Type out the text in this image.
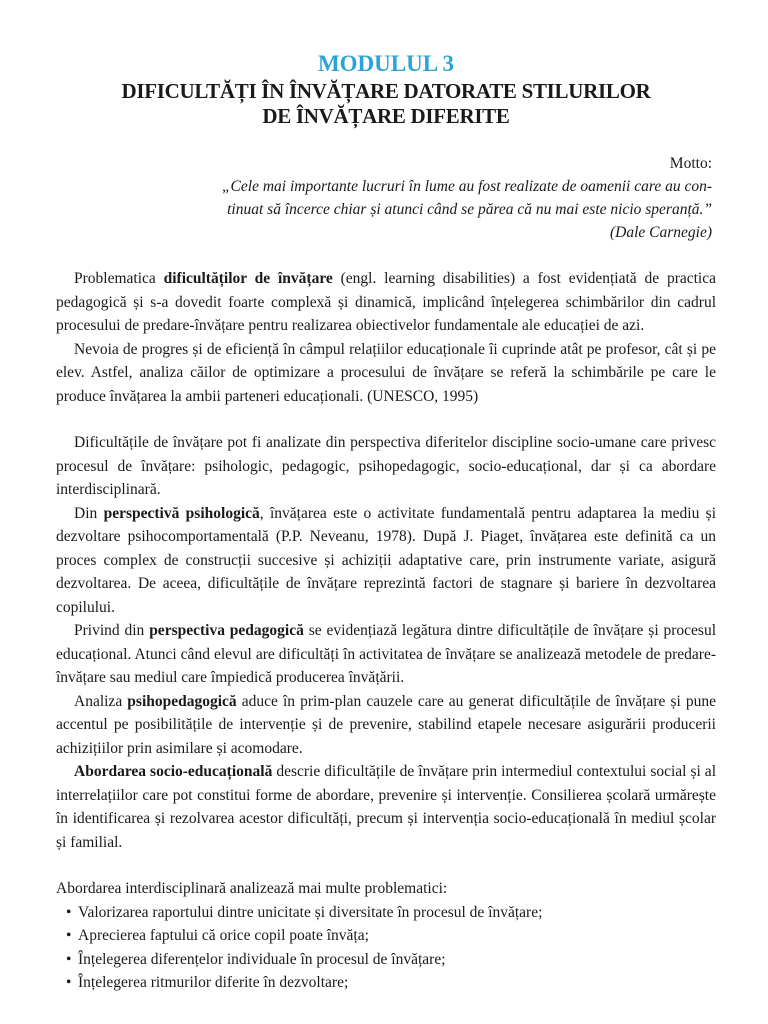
MODULUL 3
DIFICULTĂȚI ÎN ÎNVĂȚARE DATORATE STILURILOR
DE ÎNVĂȚARE DIFERITE
Motto:
„Cele mai importante lucruri în lume au fost realizate de oamenii care au con-
tinuat să încerce chiar și atunci când se părea că nu mai este nicio speranță.”
(Dale Carnegie)

Problematica dificultăților de învățare (engl. learning disabilities) a fost evidențiată de practica pedagogică și s-a dovedit foarte complexă și dinamică, implicând înțelegerea schimbărilor din cadrul procesului de predare-învățare pentru realizarea obiectivelor fundamentale ale educației de azi.

Nevoia de progres și de eficiență în câmpul relațiilor educaționale îi cuprinde atât pe profesor, cât și pe elev. Astfel, analiza căilor de optimizare a procesului de învățare se referă la schimbările pe care le produce învățarea la ambii parteneri educaționali. (UNESCO, 1995)

Dificultățile de învățare pot fi analizate din perspectiva diferitelor discipline socio-umane care privesc procesul de învățare: psihologic, pedagogic, psihopedagogic, socio-educațional, dar și ca abordare interdisciplinară.

Din perspectivă psihologică, învățarea este o activitate fundamentală pentru adaptarea la mediu și dezvoltare psihocomportamentală (P.P. Neveanu, 1978). După J. Piaget, învățarea este definită ca un proces complex de construcții succesive și achiziții adaptative care, prin instrumente variate, asigură dezvoltarea. De aceea, dificultățile de învățare reprezintă factori de stagnare și bariere în dezvoltarea copilului.

Privind din perspectiva pedagogică se evidențiază legătura dintre dificultățile de învățare și procesul educațional. Atunci când elevul are dificultăți în activitatea de învățare se analizează metodele de predare-învățare sau mediul care împiedică producerea învățării.

Analiza psihopedagogică aduce în prim-plan cauzele care au generat dificultățile de învățare și pune accentul pe posibilitățile de intervenție și de prevenire, stabilind etapele necesare asigurării producerii achizițiilor prin asimilare și acomodare.

Abordarea socio-educațională descrie dificultățile de învățare prin intermediul contextului social și al interrelațiilor care pot constitui forme de abordare, prevenire și intervenție. Consilierea școlară urmărește în identificarea și rezolvarea acestor dificultăți, precum și intervenția socio-educațională în mediul școlar și familial.

Abordarea interdisciplinară analizează mai multe problematici:

• Valorizarea raportului dintre unicitate și diversitate în procesul de învățare;
• Aprecierea faptului că orice copil poate învăța;
• Înțelegerea diferențelor individuale în procesul de învățare;
• Înțelegerea ritmurilor diferite în dezvoltare;
